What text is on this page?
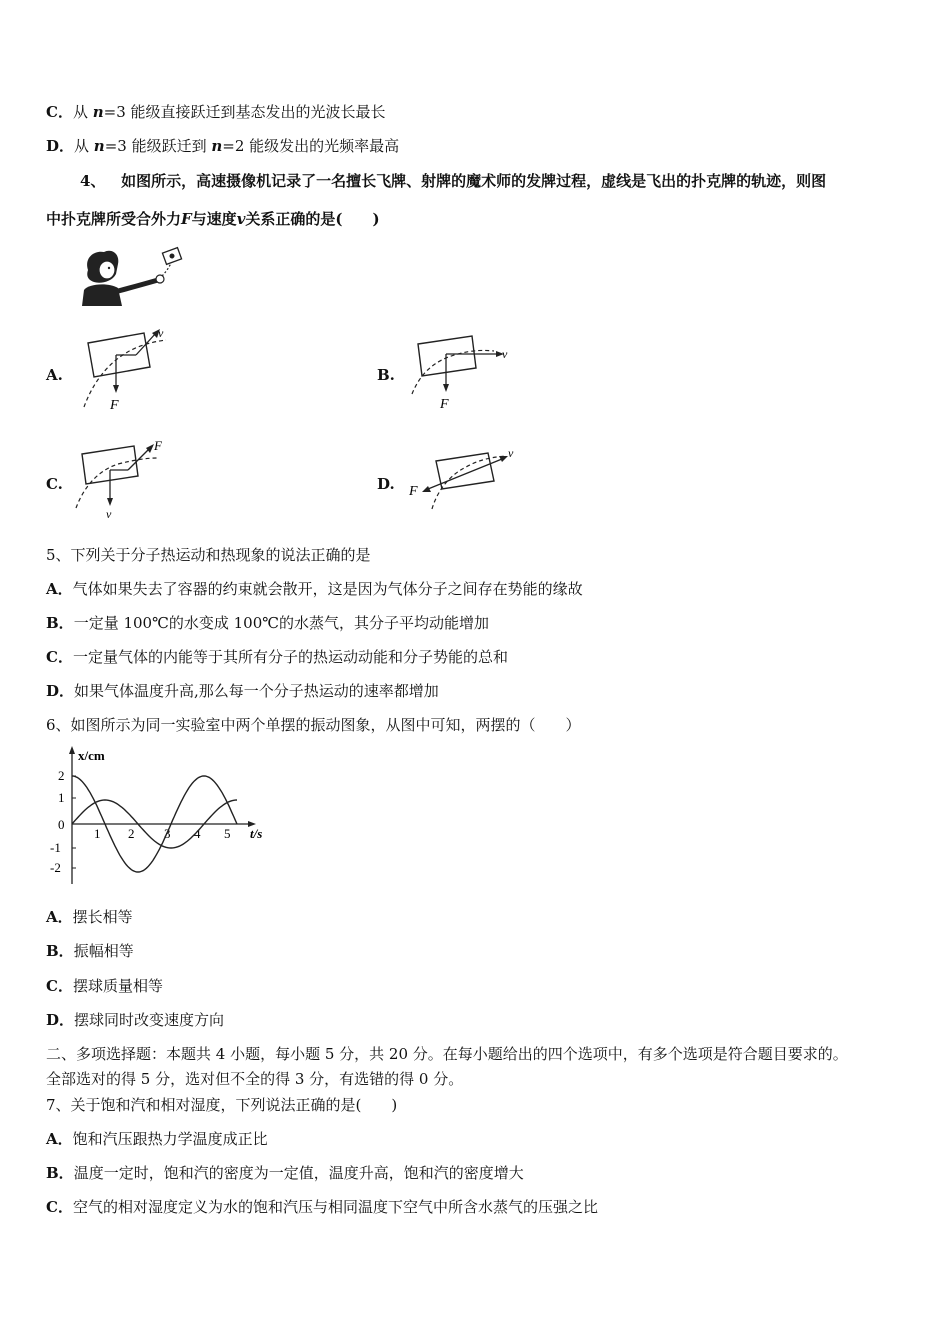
C．从 n=3 能级直接跃迁到基态发出的光波长最长
D．从 n=3 能级跃迁到 n=2 能级发出的光频率最高
4、 如图所示，高速摄像机记录了一名擅长飞牌、射牌的魔术师的发牌过程，虚线是飞出的扑克牌的轨迹，则图
中扑克牌所受合外力F与速度v关系正确的是(　　)
A.
v
F
B.
v
F
C.
F
v
D.
v
F
5、下列关于分子热运动和热现象的说法正确的是
A．气体如果失去了容器的约束就会散开，这是因为气体分子之间存在势能的缘故
B．一定量 100℃的水变成 100℃的水蒸气，其分子平均动能增加
C．一定量气体的内能等于其所有分子的热运动动能和分子势能的总和
D．如果气体温度升高,那么每一个分子热运动的速率都增加
6、如图所示为同一实验室中两个单摆的振动图象，从图中可知，两摆的（　　）
x/cm
t/s
2
1
0
-1
-2
1 2 3 4 5
A．摆长相等
B．振幅相等
C．摆球质量相等
D．摆球同时改变速度方向
二、多项选择题：本题共 4 小题，每小题 5 分，共 20 分。在每小题给出的四个选项中，有多个选项是符合题目要求的。
全部选对的得 5 分，选对但不全的得 3 分，有选错的得 0 分。
7、关于饱和汽和相对湿度，下列说法正确的是(　　)
A．饱和汽压跟热力学温度成正比
B．温度一定时，饱和汽的密度为一定值，温度升高，饱和汽的密度增大
C．空气的相对湿度定义为水的饱和汽压与相同温度下空气中所含水蒸气的压强之比
